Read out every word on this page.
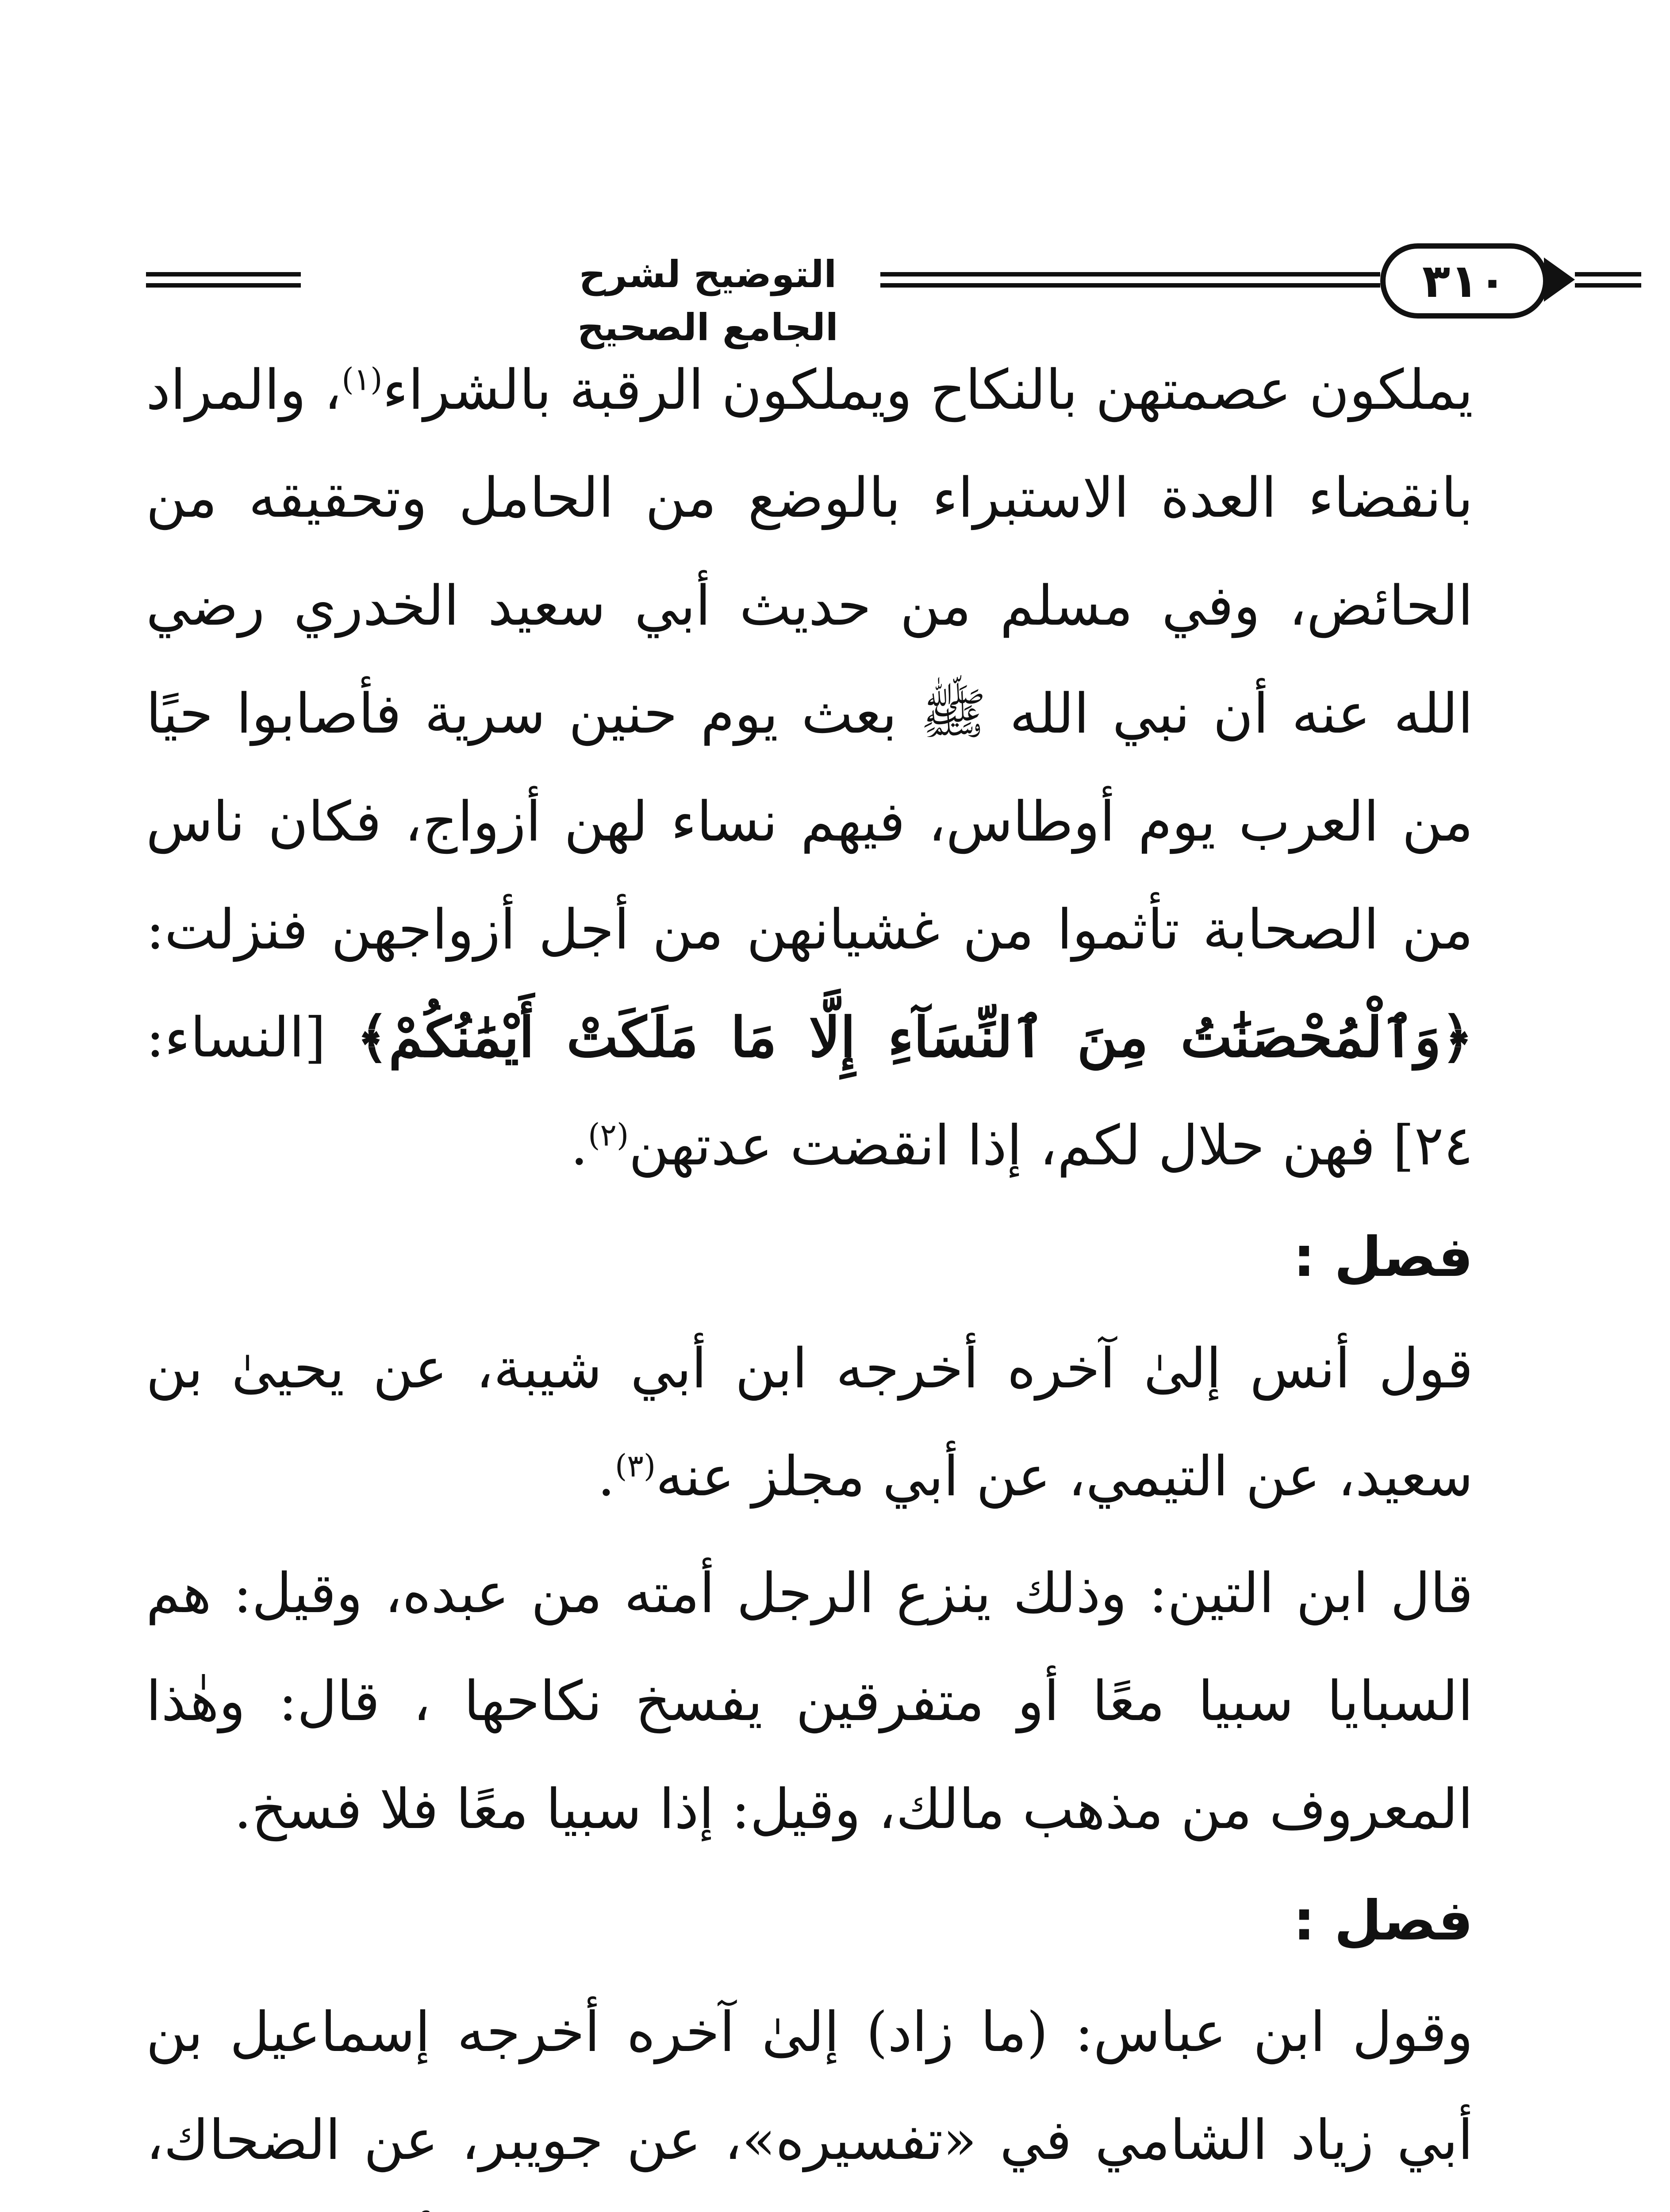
التوضيح لشرح الجامع الصحيح
٣١٠

يملكون عصمتهن بالنكاح ويملكون الرقبة بالشراء$^{(١)}$، والمراد بانقضاء العدة الاستبراء بالوضع من الحامل وتحقيقه من الحائض، وفي مسلم من حديث أبي سعيد الخدري رضي الله عنه أن نبي الله ﷺ بعث يوم حنين سرية فأصابوا حيًا من العرب يوم أوطاس، فيهم نساء لهن أزواج، فكان ناس من الصحابة تأثموا من غشيانهن من أجل أزواجهن فنزلت: ﴿وَٱلْمُحْصَنَٰتُ مِنَ ٱلنِّسَآءِ إِلَّا مَا مَلَكَتْ أَيْمَٰنُكُمْ﴾ [النساء: ٢٤] فهن حلال لكم، إذا انقضت عدتهن$^{(٢)}$.

فصل :

قول أنس إلىٰ آخره أخرجه ابن أبي شيبة، عن يحيىٰ بن سعيد، عن التيمي، عن أبي مجلز عنه$^{(٣)}$.

قال ابن التين: وذلك ينزع الرجل أمته من عبده، وقيل: هم السبايا سبيا معًا أو متفرقين يفسخ نكاحها ، قال: وهٰذا المعروف من مذهب مالك، وقيل: إذا سبيا معًا فلا فسخ.

فصل :

وقول ابن عباس: (ما زاد) إلىٰ آخره أخرجه إسماعيل بن أبي زياد الشامي في «تفسيره»، عن جويبر، عن الضحاك،
